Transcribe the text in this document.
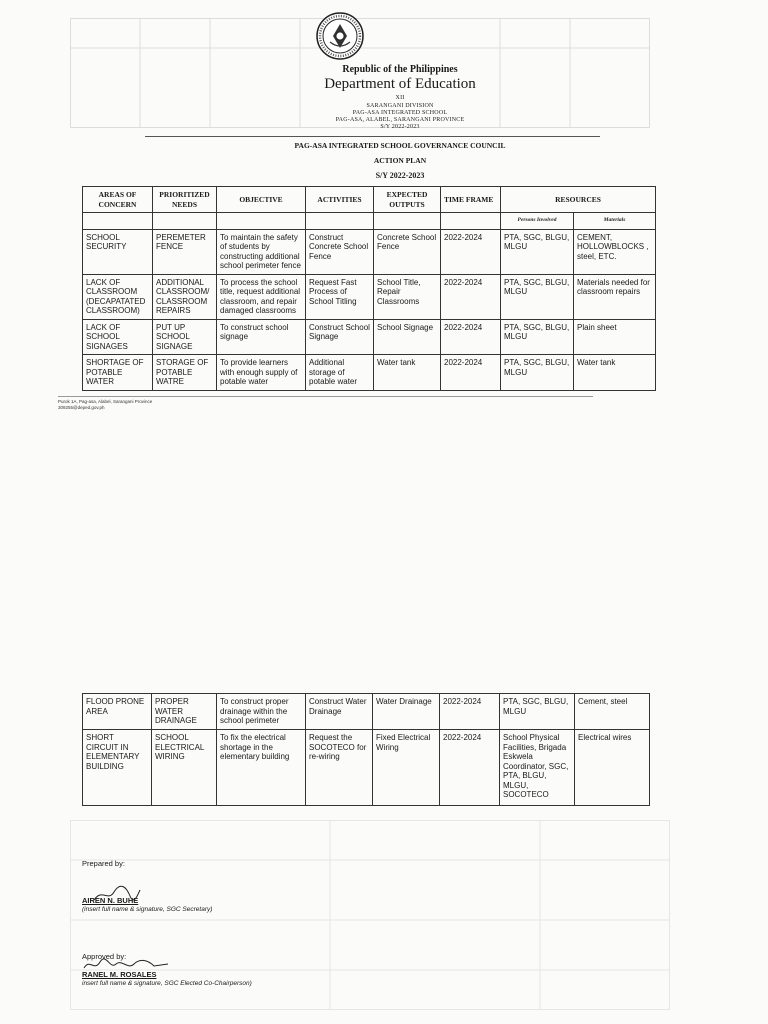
Republic of the Philippines
Department of Education
XII
SARANGANI DIVISION
PAG-ASA INTEGRATED SCHOOL
PAG-ASA, ALABEL, SARANGANI PROVINCE
S/Y 2022-2023
PAG-ASA INTEGRATED SCHOOL GOVERNANCE COUNCIL
ACTION PLAN
S/Y 2022-2023
AREAS OF CONCERN	PRIORITIZED NEEDS	OBJECTIVE	ACTIVITIES	EXPECTED OUTPUTS	TIME FRAME	RESOURCES	
						Persons Involved	Materials
SCHOOL SECURITY	PEREMETER FENCE	To maintain the safety of students by constructing additional school perimeter fence	Construct Concrete School Fence	Concrete School Fence	2022-2024	PTA, SGC, BLGU, MLGU	CEMENT, HOLLOWBLOCKS , steel, ETC.
LACK OF CLASSROOM (DECAPATATED CLASSROOM)	ADDITIONAL CLASSROOM/ CLASSROOM REPAIRS	To process the school title, request additional classroom, and repair damaged classrooms	Request Fast Process of School Titling	School Title, Repair Classrooms	2022-2024	PTA, SGC, BLGU, MLGU	Materials needed for classroom repairs
LACK OF SCHOOL SIGNAGES	PUT UP SCHOOL SIGNAGE	To construct school signage	Construct School Signage	School Signage	2022-2024	PTA, SGC, BLGU, MLGU	Plain sheet
SHORTAGE OF POTABLE WATER	STORAGE OF POTABLE WATRE	To provide learners with enough supply of potable water	Additional storage of potable water	Water tank	2022-2024	PTA, SGC, BLGU, MLGU	Water tank
Purok 1A, Pag-asa, Alabel, Sarangani Province
309255@deped.gov.ph
FLOOD PRONE AREA	PROPER WATER DRAINAGE	To construct proper drainage within the school perimeter	Construct Water Drainage	Water Drainage	2022-2024	PTA, SGC, BLGU, MLGU	Cement, steel
SHORT CIRCUIT IN ELEMENTARY BUILDING	SCHOOL ELECTRICAL WIRING	To fix the electrical shortage in the elementary building	Request the SOCOTECO for re-wiring	Fixed Electrical Wiring	2022-2024	School Physical Facilities, Brigada Eskwela Coordinator, SGC, PTA, BLGU, MLGU, SOCOTECO	Electrical wires
Prepared by:
AIREN N. BUHE
(insert full name & signature, SGC Secretary)
Approved by:
RANEL M. ROSALES
insert full name & signature, SGC Elected Co-Chairperson)
